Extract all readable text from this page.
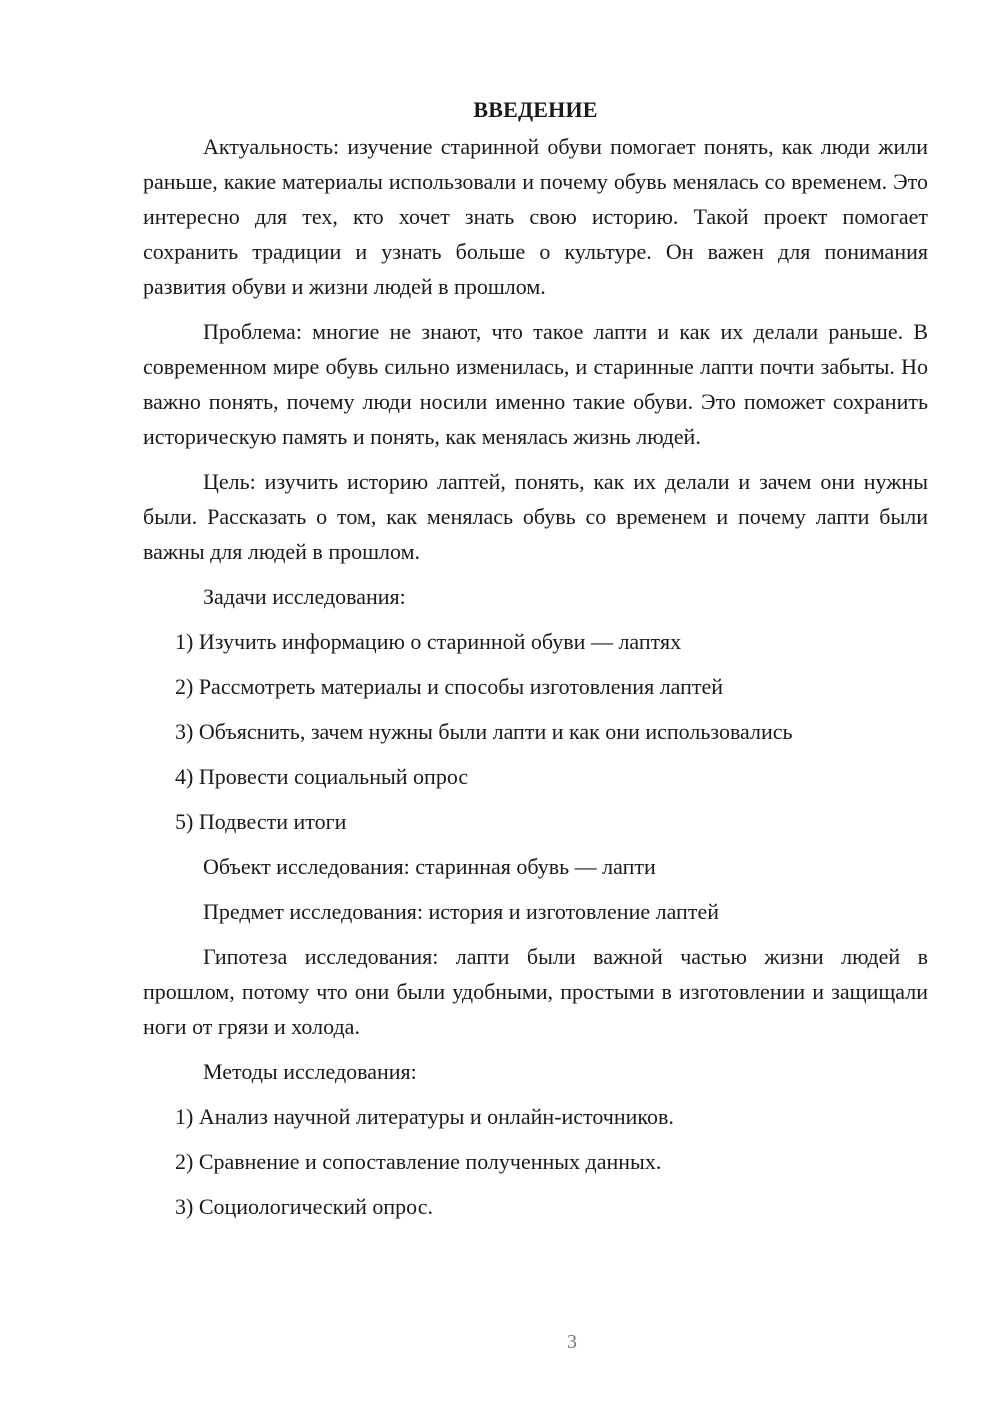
ВВЕДЕНИЕ

Актуальность: изучение старинной обуви помогает понять, как люди жили раньше, какие материалы использовали и почему обувь менялась со временем. Это интересно для тех, кто хочет знать свою историю. Такой проект помогает сохранить традиции и узнать больше о культуре. Он важен для понимания развития обуви и жизни людей в прошлом.

Проблема: многие не знают, что такое лапти и как их делали раньше. В современном мире обувь сильно изменилась, и старинные лапти почти забыты. Но важно понять, почему люди носили именно такие обуви. Это поможет сохранить историческую память и понять, как менялась жизнь людей.

Цель: изучить историю лаптей, понять, как их делали и зачем они нужны были. Рассказать о том, как менялась обувь со временем и почему лапти были важны для людей в прошлом.

Задачи исследования:
1) Изучить информацию о старинной обуви — лаптях
2) Рассмотреть материалы и способы изготовления лаптей
3) Объяснить, зачем нужны были лапти и как они использовались
4) Провести социальный опрос
5) Подвести итоги
Объект исследования: старинная обувь — лапти
Предмет исследования: история и изготовление лаптей

Гипотеза исследования: лапти были важной частью жизни людей в прошлом, потому что они были удобными, простыми в изготовлении и защищали ноги от грязи и холода.

Методы исследования:
1) Анализ научной литературы и онлайн-источников.
2) Сравнение и сопоставление полученных данных.
3) Социологический опрос.
3
